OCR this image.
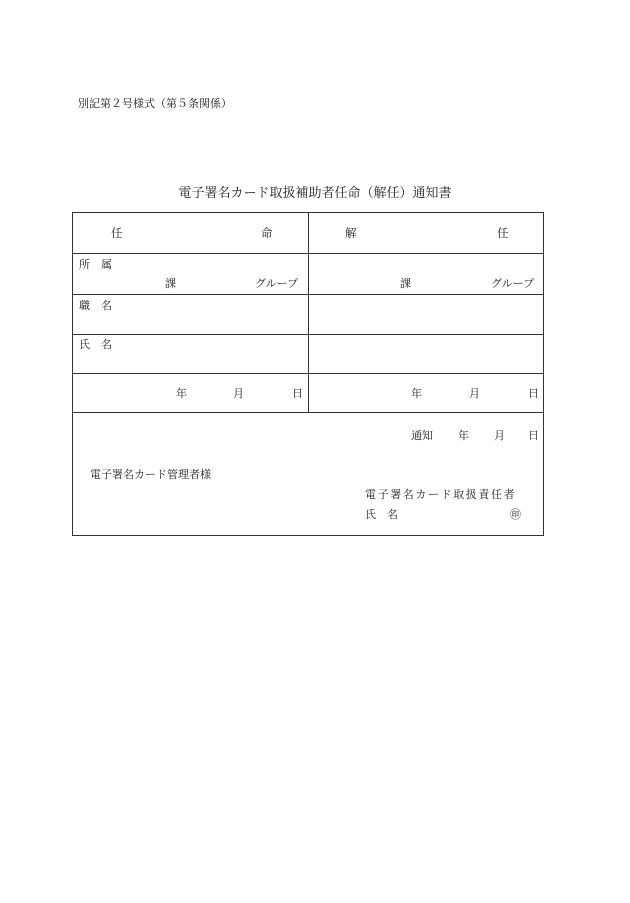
別記第２号様式（第５条関係）
電子署名カード取扱補助者任命（解任）通知書
任	命	解	任
所　属
課	グループ	課	グループ
職　名
氏　名
年	月	日	年	月	日
通知 年 月 日
電子署名カード管理者様
電子署名カード取扱責任者
氏　名	㊞
